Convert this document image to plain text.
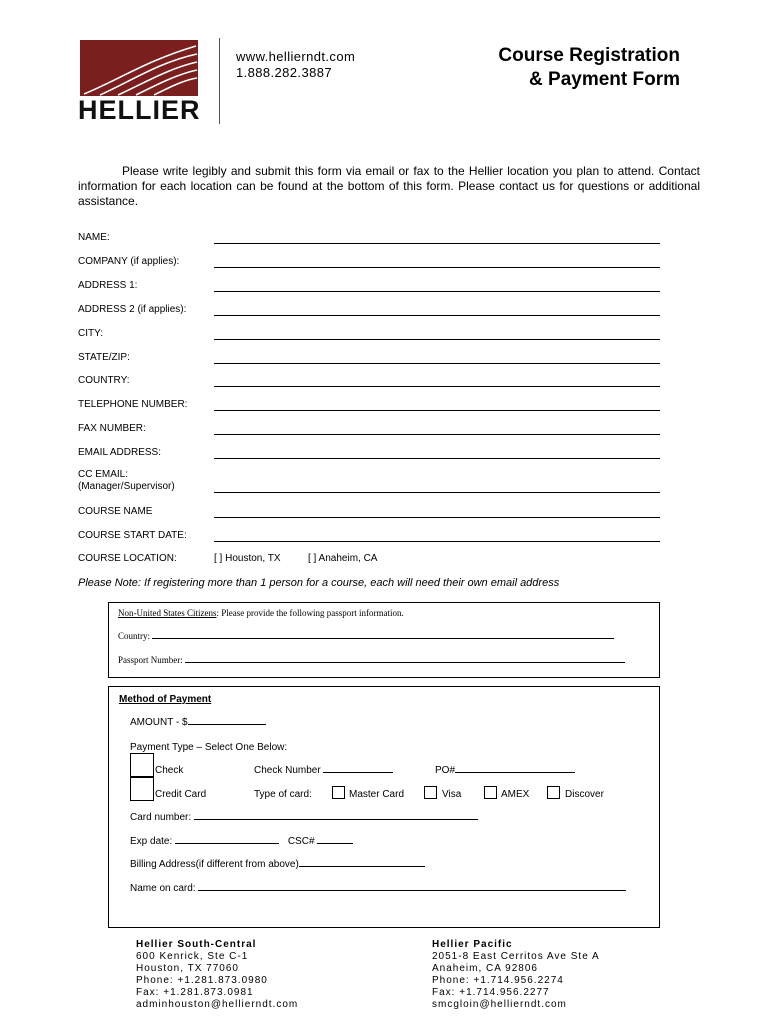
HELLIER
www.hellierndt.com
1.888.282.3887
Course Registration
& Payment Form
Please write legibly and submit this form via email or fax to the Hellier location you plan to attend. Contact information for each location can be found at the bottom of this form. Please contact us for questions or additional assistance.
NAME:
COMPANY (if applies):
ADDRESS 1:
ADDRESS 2 (if applies):
CITY:
STATE/ZIP:
COUNTRY:
TELEPHONE NUMBER:
FAX NUMBER:
EMAIL ADDRESS:
CC EMAIL:
(Manager/Supervisor)
COURSE NAME
COURSE START DATE:
COURSE LOCATION:	[ ] Houston, TX	[ ] Anaheim, CA
Please Note: If registering more than 1 person for a course, each will need their own email address
Non-United States Citizens: Please provide the following passport information.
Country:
Passport Number:
Method of Payment
AMOUNT - $
Payment Type – Select One Below:
Check	Check Number	PO#
Credit Card	Type of card:	Master Card	Visa	AMEX	Discover
Card number:
Exp date:	CSC#
Billing Address(if different from above)
Name on card:
Hellier South-Central
600 Kenrick, Ste C-1
Houston, TX 77060
Phone: +1.281.873.0980
Fax: +1.281.873.0981
adminhouston@hellierndt.com
Hellier Pacific
2051-8 East Cerritos Ave Ste A
Anaheim, CA 92806
Phone: +1.714.956.2274
Fax: +1.714.956.2277
smcgloin@hellierndt.com
